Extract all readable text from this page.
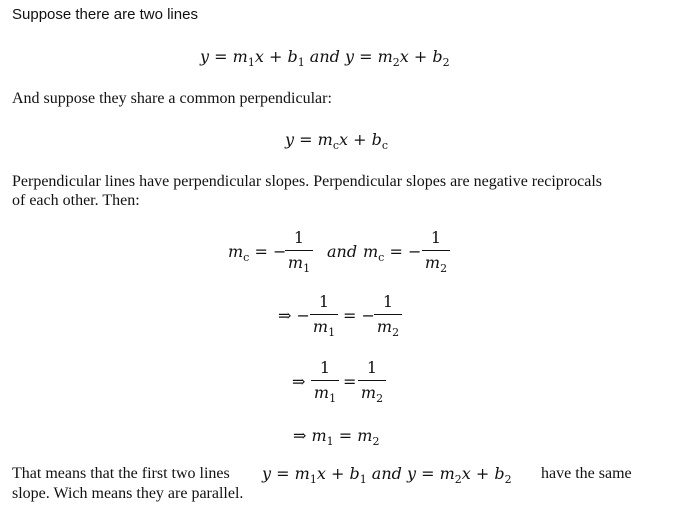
Suppose there are two lines
$y = m_1x + b_1$ and $y = m_2x + b_2$
And suppose they share a common perpendicular:
$y = m_cx + b_c$
Perpendicular lines have perpendicular slopes. Perpendicular slopes are negative reciprocals of each other. Then:
$m_c$ = −
1
$m_1$
and $m_c$ = −
1
$m_2$
⇒ −
1
$m_1$
= −
1
$m_2$
⇒
1
$m_1$
=
1
$m_2$
⇒ $m_1 = m_2$
That means that the first two lines $y = m_1x + b_1$ and $y = m_2x + b_2$ have the same
slope. Wich means they are parallel.
